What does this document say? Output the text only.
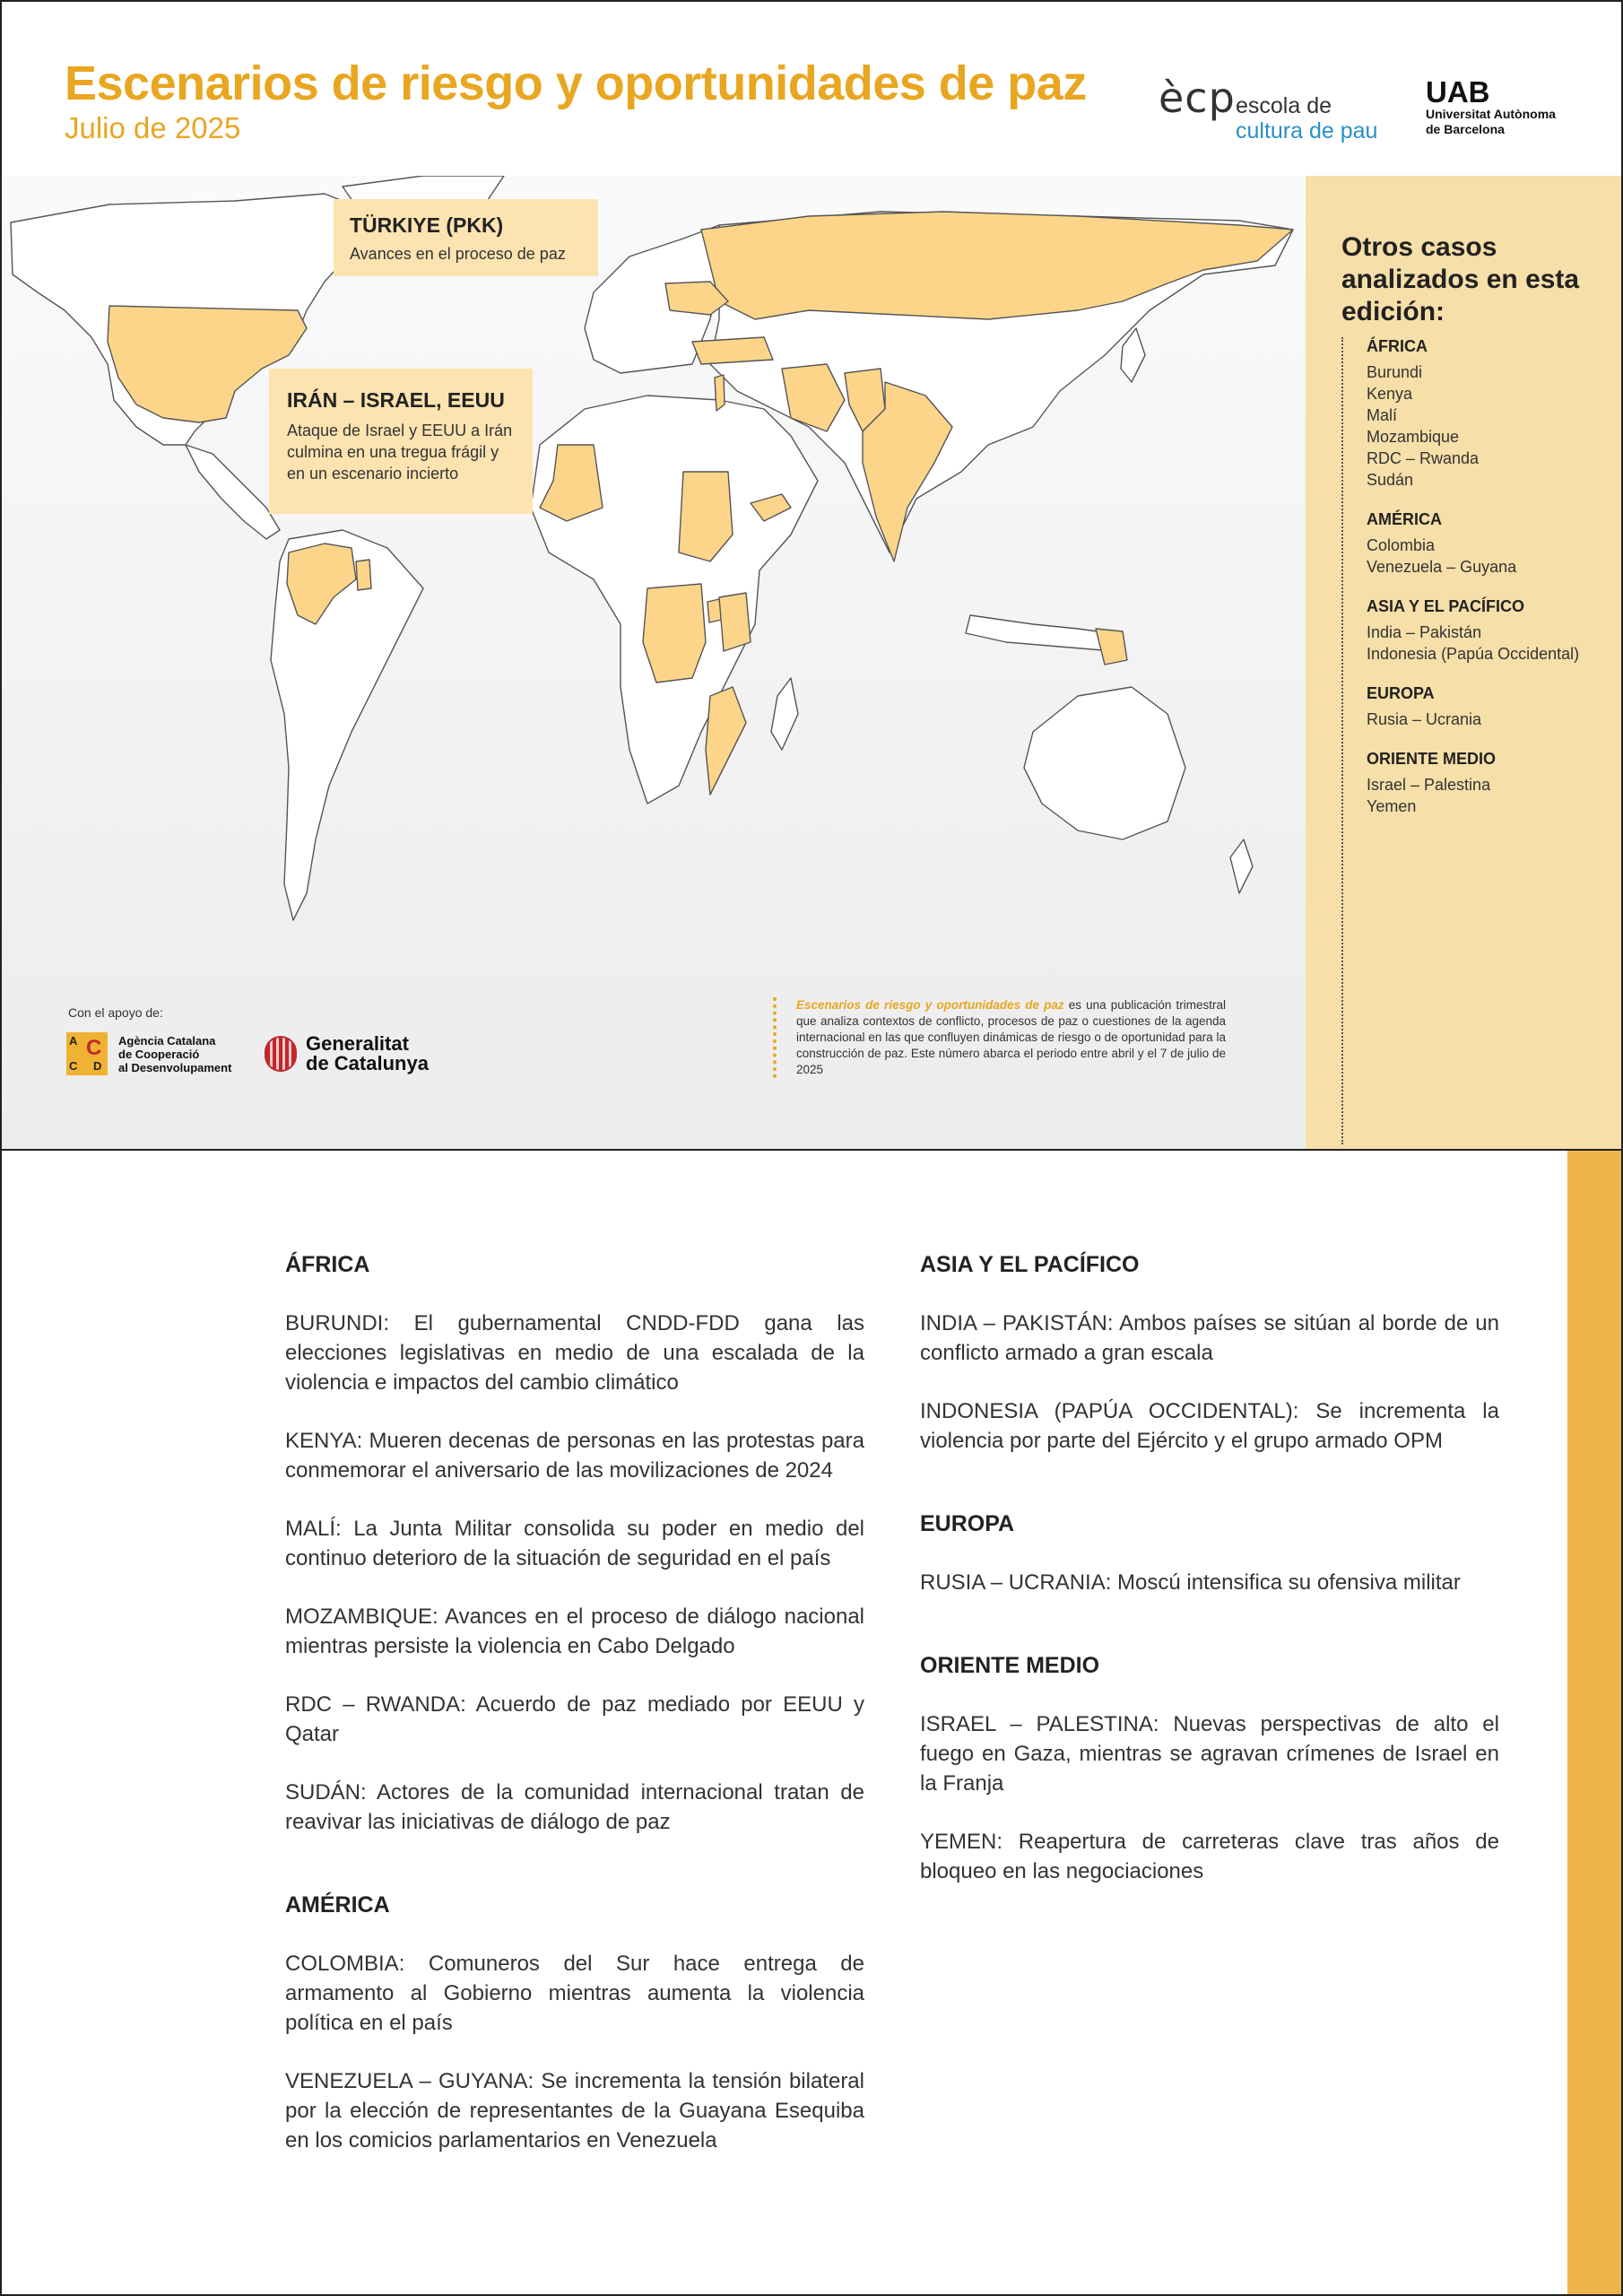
Escenarios de riesgo y oportunidades de paz
Julio de 2025
ècp escola de
cultura de pau
UAB
Universitat Autònoma
de Barcelona
TÜRKIYE (PKK)
Avances en el proceso de paz
IRÁN – ISRAEL, EEUU
Ataque de Israel y EEUU a Irán culmina en una tregua frágil y en un escenario incierto
Con el apoyo de:
A C
C D
Agència Catalana
de Cooperació
al Desenvolupament
Generalitat
de Catalunya
Escenarios de riesgo y oportunidades de paz es una publicación trimestral que analiza contextos de conflicto, procesos de paz o cuestiones de la agenda internacional en las que confluyen dinámicas de riesgo o de oportunidad para la construcción de paz. Este número abarca el periodo entre abril y el 7 de julio de 2025
Otros casos analizados en esta edición:
ÁFRICA
Burundi
Kenya
Malí
Mozambique
RDC – Rwanda
Sudán
AMÉRICA
Colombia
Venezuela – Guyana
ASIA Y EL PACÍFICO
India – Pakistán
Indonesia (Papúa Occidental)
EUROPA
Rusia – Ucrania
ORIENTE MEDIO
Israel – Palestina
Yemen
ÁFRICA
BURUNDI: El gubernamental CNDD-FDD gana las elecciones legislativas en medio de una escalada de la violencia e impactos del cambio climático
KENYA: Mueren decenas de personas en las protestas para conmemorar el aniversario de las movilizaciones de 2024
MALÍ: La Junta Militar consolida su poder en medio del continuo deterioro de la situación de seguridad en el país
MOZAMBIQUE: Avances en el proceso de diálogo nacional mientras persiste la violencia en Cabo Delgado
RDC – RWANDA: Acuerdo de paz mediado por EEUU y Qatar
SUDÁN: Actores de la comunidad internacional tratan de reavivar las iniciativas de diálogo de paz
AMÉRICA
COLOMBIA: Comuneros del Sur hace entrega de armamento al Gobierno mientras aumenta la violencia política en el país
VENEZUELA – GUYANA: Se incrementa la tensión bilateral por la elección de representantes de la Guayana Esequiba en los comicios parlamentarios en Venezuela
ASIA Y EL PACÍFICO
INDIA – PAKISTÁN: Ambos países se sitúan al borde de un conflicto armado a gran escala
INDONESIA (PAPÚA OCCIDENTAL): Se incrementa la violencia por parte del Ejército y el grupo armado OPM
EUROPA
RUSIA – UCRANIA: Moscú intensifica su ofensiva militar
ORIENTE MEDIO
ISRAEL – PALESTINA: Nuevas perspectivas de alto el fuego en Gaza, mientras se agravan crímenes de Israel en la Franja
YEMEN: Reapertura de carreteras clave tras años de bloqueo en las negociaciones
